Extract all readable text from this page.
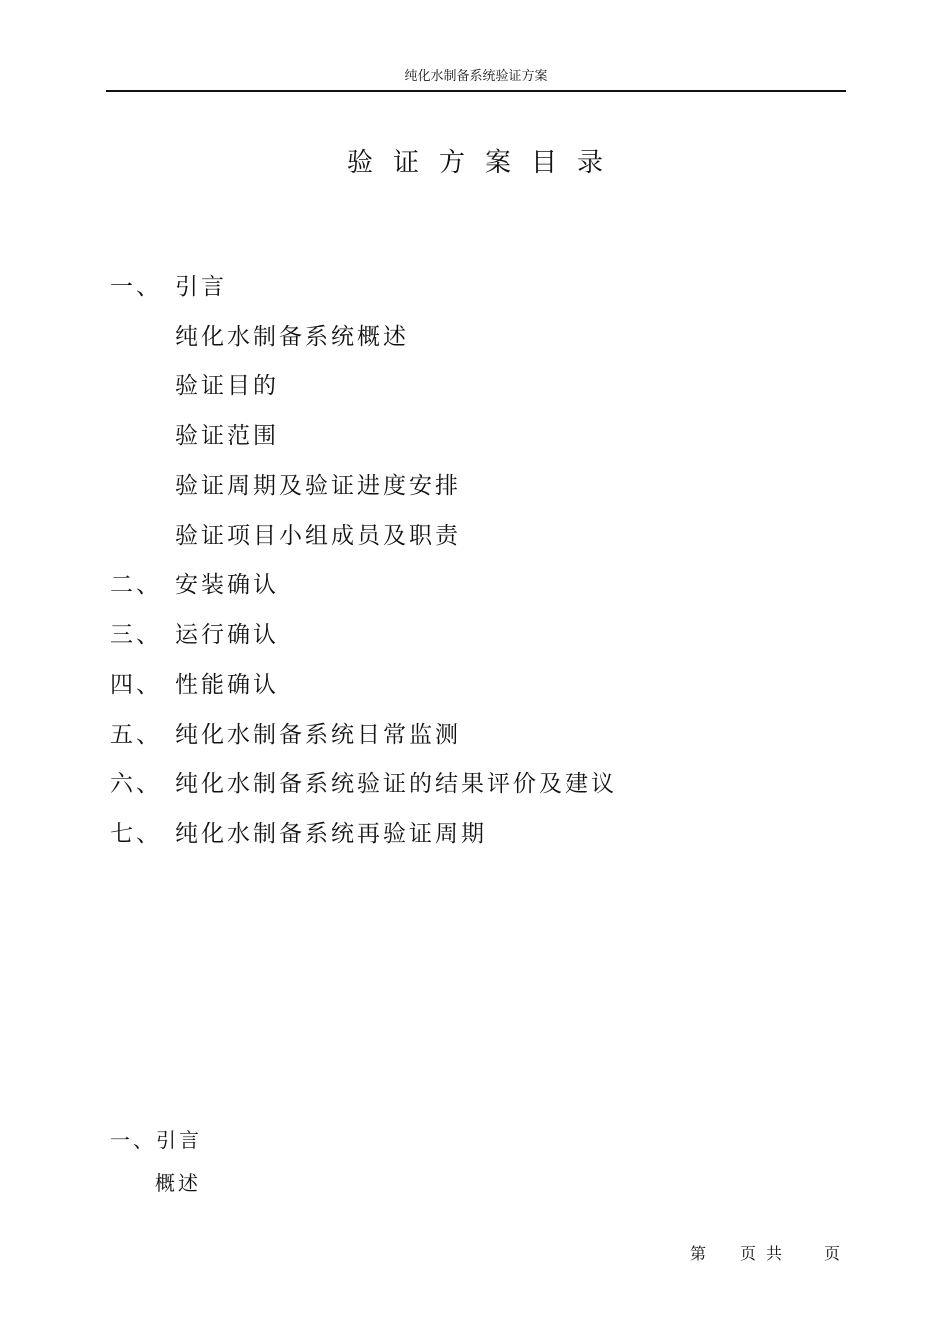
纯化水制备系统验证方案
验证方案目录
一、 引言
纯化水制备系统概述
验证目的
验证范围
验证周期及验证进度安排
验证项目小组成员及职责
二、 安装确认
三、 运行确认
四、 性能确认
五、 纯化水制备系统日常监测
六、 纯化水制备系统验证的结果评价及建议
七、 纯化水制备系统再验证周期
一、引言
概述
第 页共 页
